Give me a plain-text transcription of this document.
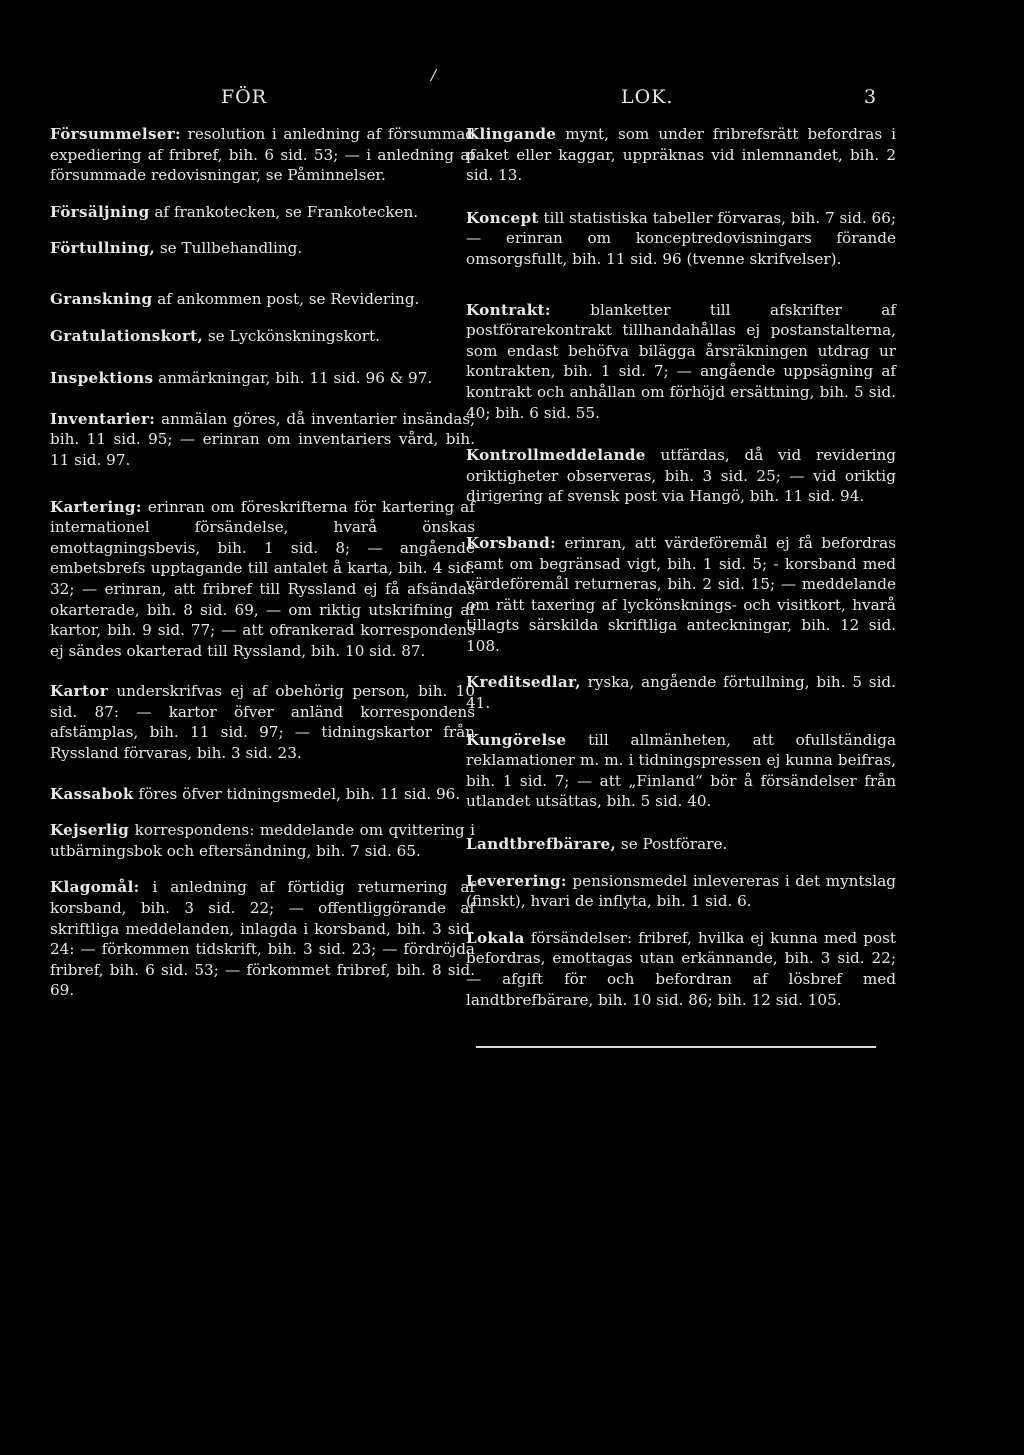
FÖR
/
LOK.	3

Försummelser: resolution i anledning af försummad expediering af fribref, bih. 6 sid. 53; — i anledning af försummade redovisningar, se Påminnelser.

Försäljning af frankotecken, se Frankotecken.

Förtullning, se Tullbehandling.

Granskning af ankommen post, se Revidering.

Gratulationskort, se Lyckönskningskort.

Inspektions anmärkningar, bih. 11 sid. 96 & 97.

Inventarier: anmälan göres, då inventarier insändas, bih. 11 sid. 95; — erinran om inventariers vård, bih. 11 sid. 97.

Kartering: erinran om föreskrifterna för kartering af internationel försändelse, hvarå önskas emottagningsbevis, bih. 1 sid. 8; — angående embetsbrefs upptagande till antalet å karta, bih. 4 sid. 32; — erinran, att fribref till Ryssland ej få afsändas okarterade, bih. 8 sid. 69, — om riktig utskrifning af kartor, bih. 9 sid. 77; — att ofrankerad korrespondens ej sändes okarterad till Ryssland, bih. 10 sid. 87.

Kartor underskrifvas ej af obehörig person, bih. 10 sid. 87: — kartor öfver anländ korrespondens afstämplas, bih. 11 sid. 97; — tidningskartor från Ryssland förvaras, bih. 3 sid. 23.

Kassabok föres öfver tidningsmedel, bih. 11 sid. 96.

Kejserlig korrespondens: meddelande om qvittering i utbärningsbok och eftersändning, bih. 7 sid. 65.

Klagomål: i anledning af förtidig returnering af korsband, bih. 3 sid. 22; — offentliggörande af skriftliga meddelanden, inlagda i korsband, bih. 3 sid. 24: — förkommen tidskrift, bih. 3 sid. 23; — fördröjda fribref, bih. 6 sid. 53; — förkommet fribref, bih. 8 sid. 69.

Klingande mynt, som under fribrefsrätt befordras i paket eller kaggar, uppräknas vid inlemnandet, bih. 2 sid. 13.

Koncept till statistiska tabeller förvaras, bih. 7 sid. 66; — erinran om konceptredovisningars förande omsorgsfullt, bih. 11 sid. 96 (tvenne skrifvelser).

Kontrakt: blanketter till afskrifter af postförarekontrakt tillhandahållas ej postanstalterna, som endast behöfva bilägga årsräkningen utdrag ur kontrakten, bih. 1 sid. 7; — angående uppsägning af kontrakt och anhållan om förhöjd ersättning, bih. 5 sid. 40; bih. 6 sid. 55.

Kontrollmeddelande utfärdas, då vid revidering oriktigheter observeras, bih. 3 sid. 25; — vid oriktig dirigering af svensk post via Hangö, bih. 11 sid. 94.

Korsband: erinran, att värdeföremål ej få befordras samt om begränsad vigt, bih. 1 sid. 5; - korsband med värdeföremål returneras, bih. 2 sid. 15; — meddelande om rätt taxering af lyckönsknings- och visitkort, hvarå tillagts särskilda skriftliga anteckningar, bih. 12 sid. 108.

Kreditsedlar, ryska, angående förtullning, bih. 5 sid. 41.

Kungörelse till allmänheten, att ofullständiga reklamationer m. m. i tidningspressen ej kunna beifras, bih. 1 sid. 7; — att „Finland“ bör å försändelser från utlandet utsättas, bih. 5 sid. 40.

Landtbrefbärare, se Postförare.

Leverering: pensionsmedel inlevereras i det myntslag (finskt), hvari de inflyta, bih. 1 sid. 6.

Lokala försändelser: fribref, hvilka ej kunna med post befordras, emottagas utan erkännande, bih. 3 sid. 22; — afgift för och befordran af lösbref med landtbrefbärare, bih. 10 sid. 86; bih. 12 sid. 105.
